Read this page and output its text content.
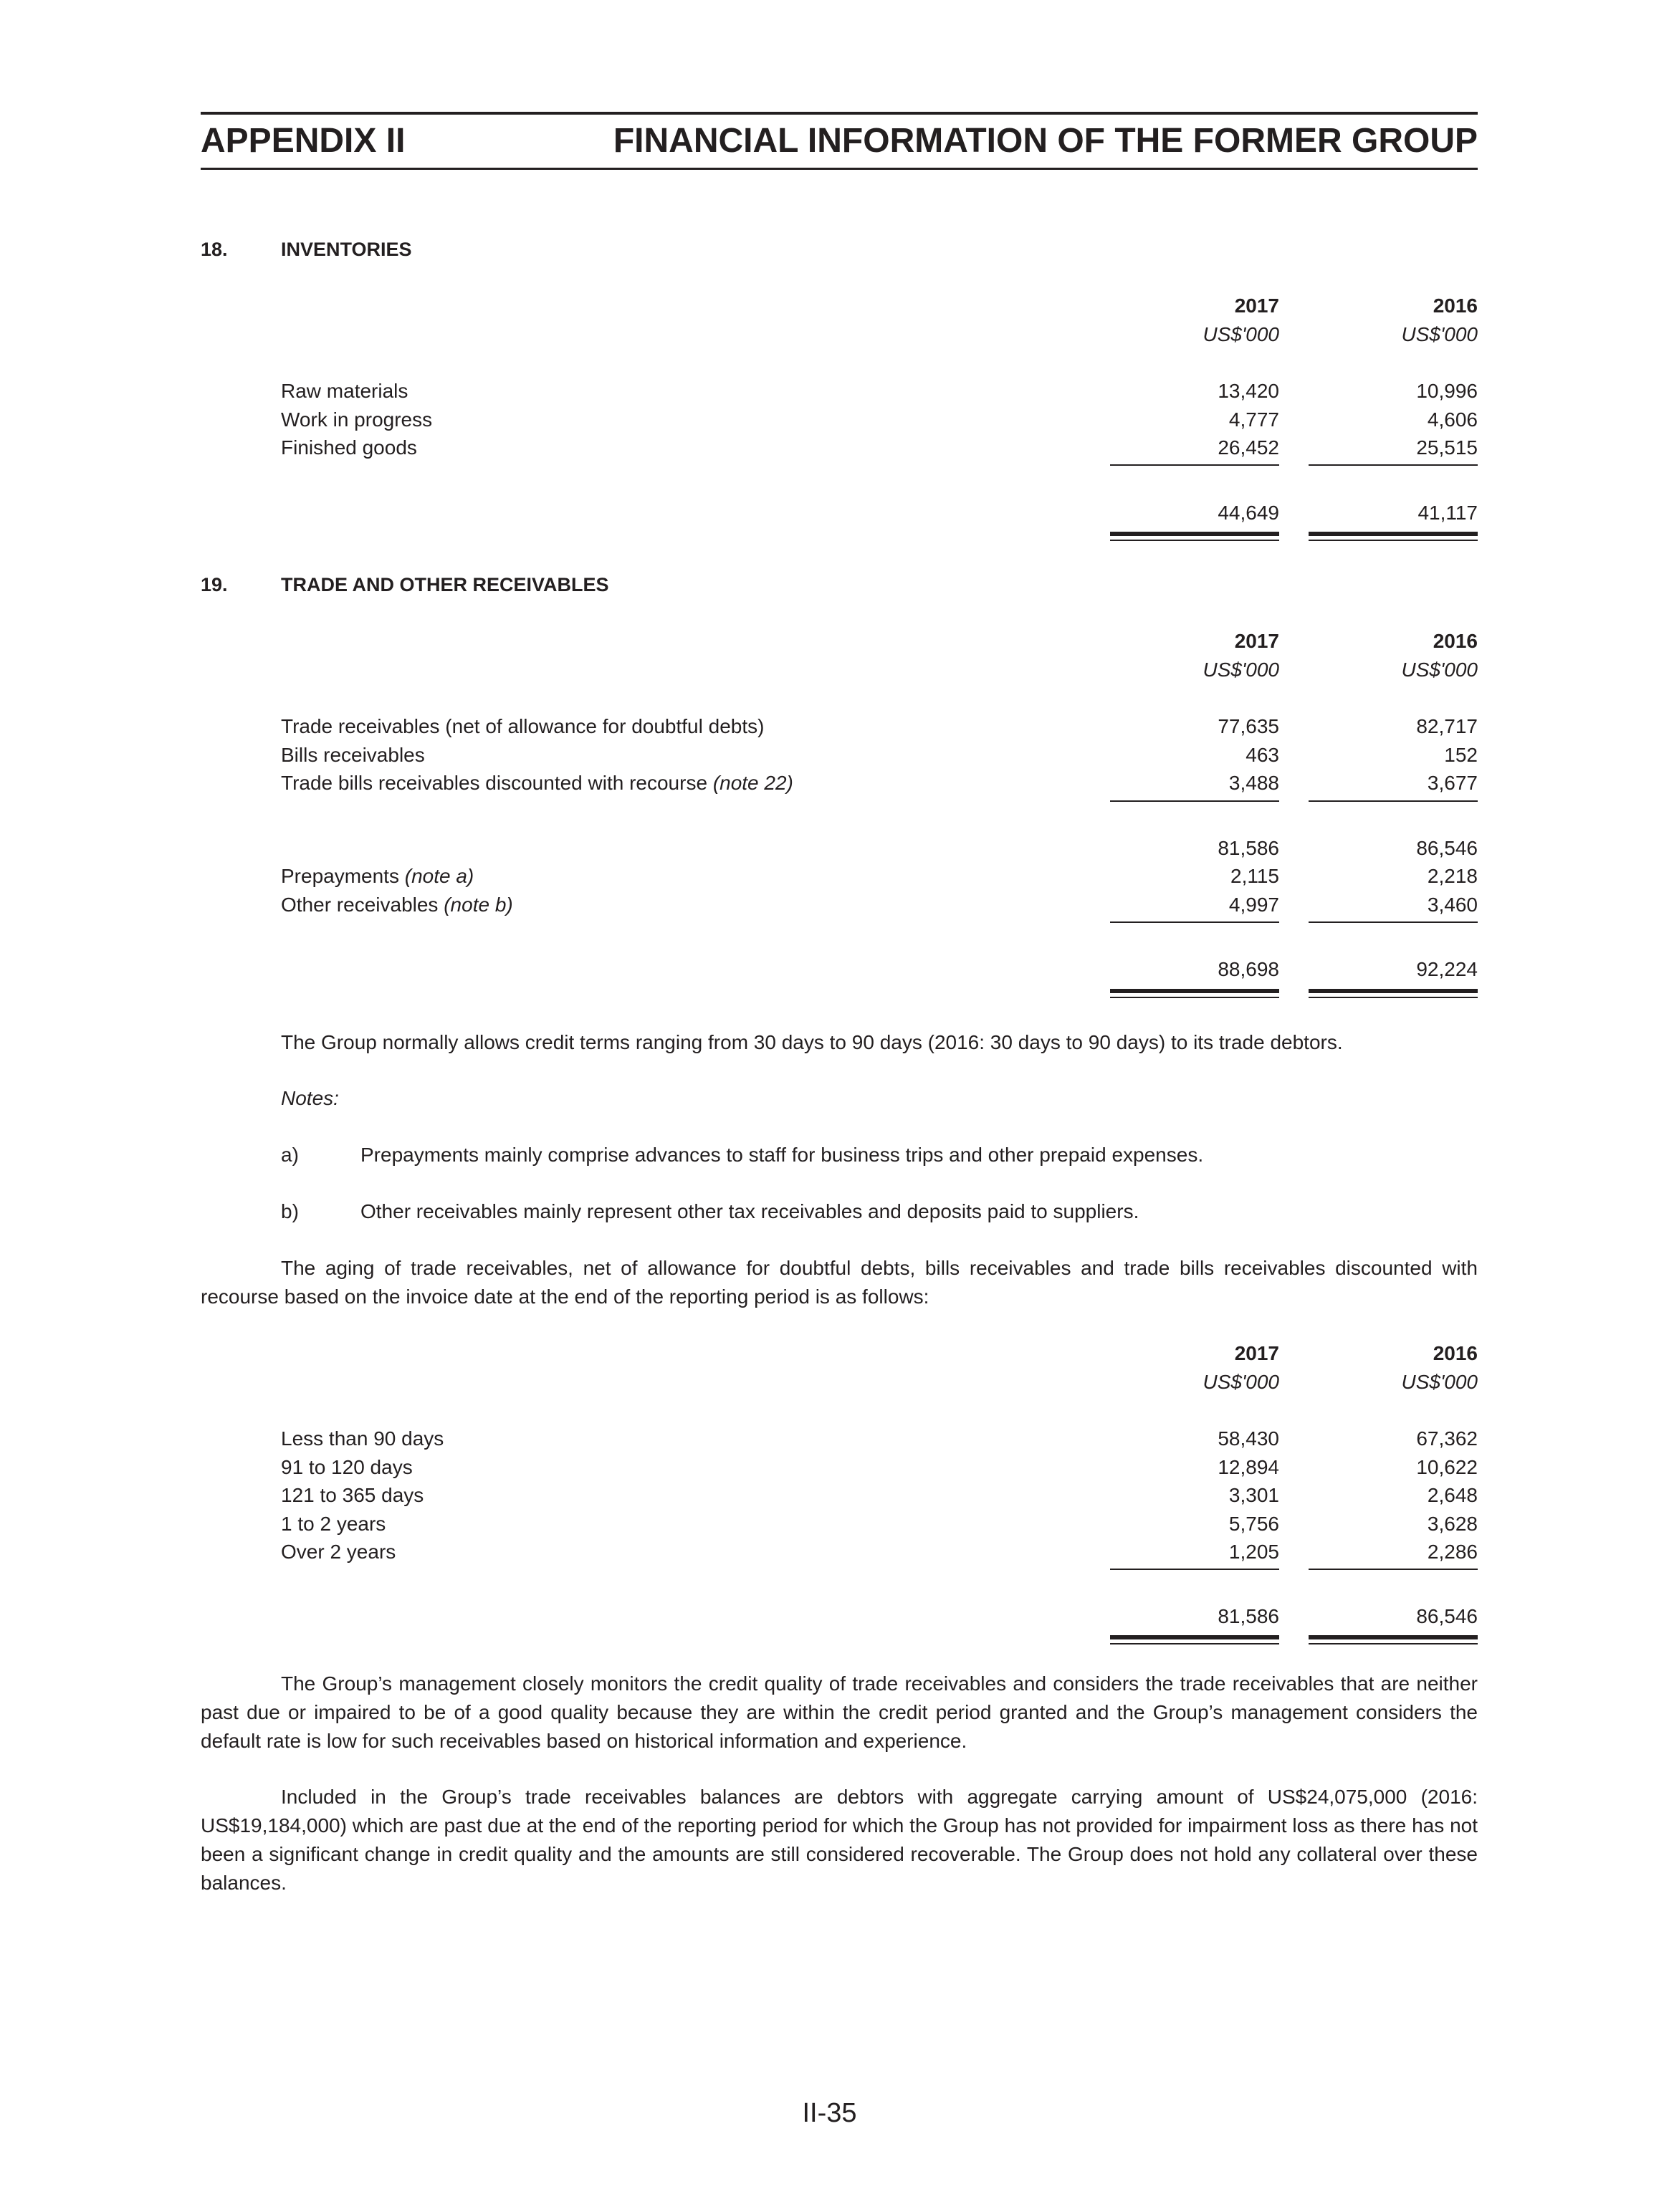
APPENDIX II	FINANCIAL INFORMATION OF THE FORMER GROUP
18.	INVENTORIES
2017	2016
US$'000	US$'000
Raw materials	13,420	10,996
Work in progress	4,777	4,606
Finished goods	26,452	25,515
44,649	41,117
19.	TRADE AND OTHER RECEIVABLES
2017	2016
US$'000	US$'000
Trade receivables (net of allowance for doubtful debts)	77,635	82,717
Bills receivables	463	152
Trade bills receivables discounted with recourse (note 22)	3,488	3,677
81,586	86,546
Prepayments (note a)	2,115	2,218
Other receivables (note b)	4,997	3,460
88,698	92,224
The Group normally allows credit terms ranging from 30 days to 90 days (2016: 30 days to 90 days) to its trade debtors.
Notes:
a)	Prepayments mainly comprise advances to staff for business trips and other prepaid expenses.
b)	Other receivables mainly represent other tax receivables and deposits paid to suppliers.
The aging of trade receivables, net of allowance for doubtful debts, bills receivables and trade bills receivables discounted with recourse based on the invoice date at the end of the reporting period is as follows:
2017	2016
US$'000	US$'000
Less than 90 days	58,430	67,362
91 to 120 days	12,894	10,622
121 to 365 days	3,301	2,648
1 to 2 years	5,756	3,628
Over 2 years	1,205	2,286
81,586	86,546
The Group’s management closely monitors the credit quality of trade receivables and considers the trade receivables that are neither past due or impaired to be of a good quality because they are within the credit period granted and the Group’s management considers the default rate is low for such receivables based on historical information and experience.
Included in the Group’s trade receivables balances are debtors with aggregate carrying amount of US$24,075,000 (2016: US$19,184,000) which are past due at the end of the reporting period for which the Group has not provided for impairment loss as there has not been a significant change in credit quality and the amounts are still considered recoverable. The Group does not hold any collateral over these balances.
II-35
